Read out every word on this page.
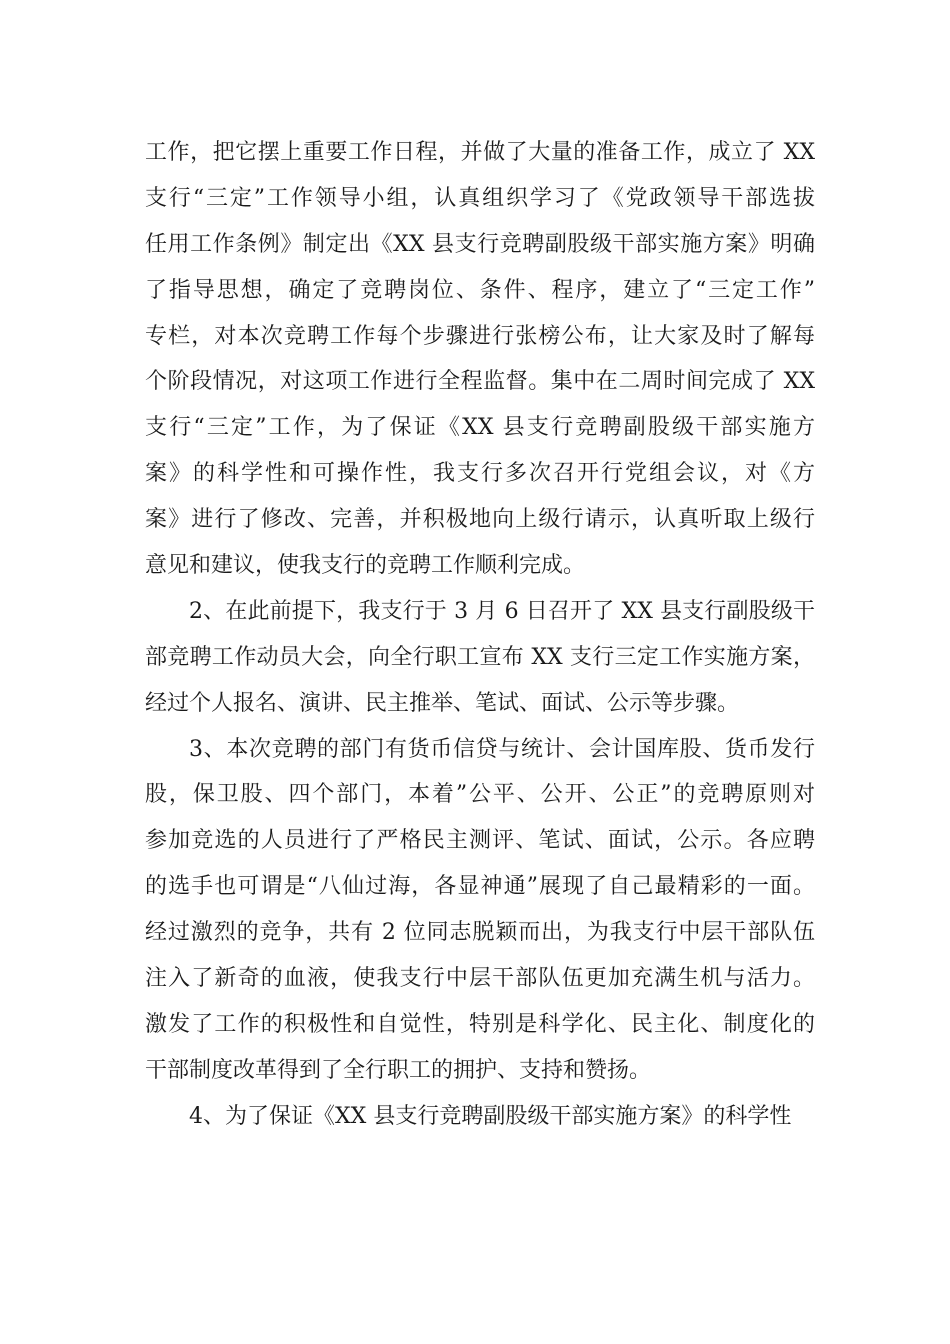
工作，把它摆上重要工作日程，并做了大量的准备工作，成立了 XX
支行“三定”工作领导小组，认真组织学习了《党政领导干部选拔
任用工作条例》制定出《XX 县支行竞聘副股级干部实施方案》明确
了指导思想，确定了竞聘岗位、条件、程序，建立了“三定工作”
专栏，对本次竞聘工作每个步骤进行张榜公布，让大家及时了解每
个阶段情况，对这项工作进行全程监督。集中在二周时间完成了 XX
支行“三定”工作，为了保证《XX 县支行竞聘副股级干部实施方
案》的科学性和可操作性，我支行多次召开行党组会议，对《方
案》进行了修改、完善，并积极地向上级行请示，认真听取上级行
意见和建议，使我支行的竞聘工作顺利完成。
2、在此前提下，我支行于 3 月 6 日召开了 XX 县支行副股级干
部竞聘工作动员大会，向全行职工宣布 XX 支行三定工作实施方案，
经过个人报名、演讲、民主推举、笔试、面试、公示等步骤。
3、本次竞聘的部门有货币信贷与统计、会计国库股、货币发行
股，保卫股、四个部门，本着”公平、公开、公正”的竞聘原则对
参加竞选的人员进行了严格民主测评、笔试、面试，公示。各应聘
的选手也可谓是“八仙过海，各显神通”展现了自己最精彩的一面。
经过激烈的竞争，共有 2 位同志脱颖而出，为我支行中层干部队伍
注入了新奇的血液，使我支行中层干部队伍更加充满生机与活力。
激发了工作的积极性和自觉性，特别是科学化、民主化、制度化的
干部制度改革得到了全行职工的拥护、支持和赞扬。
4、为了保证《XX 县支行竞聘副股级干部实施方案》的科学性
